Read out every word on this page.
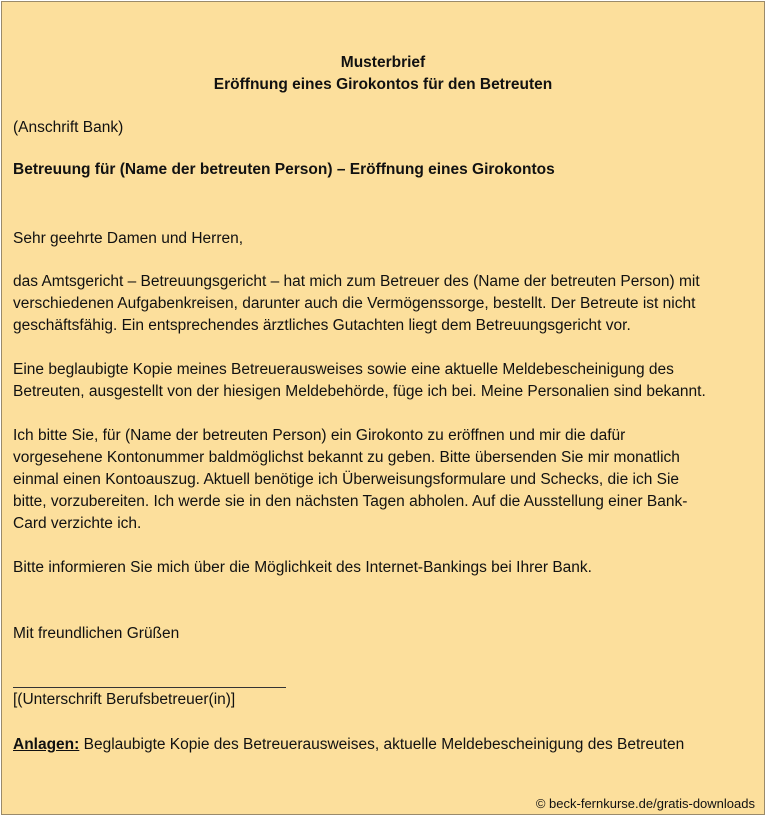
Musterbrief
Eröffnung eines Girokontos für den Betreuten
(Anschrift Bank)
Betreuung für (Name der betreuten Person) – Eröffnung eines Girokontos
Sehr geehrte Damen und Herren,
das Amtsgericht – Betreuungsgericht – hat mich zum Betreuer des (Name der betreuten Person) mit
verschiedenen Aufgabenkreisen, darunter auch die Vermögenssorge, bestellt. Der Betreute ist nicht
geschäftsfähig. Ein entsprechendes ärztliches Gutachten liegt dem Betreuungsgericht vor.
Eine beglaubigte Kopie meines Betreuerausweises sowie eine aktuelle Meldebescheinigung des
Betreuten, ausgestellt von der hiesigen Meldebehörde, füge ich bei. Meine Personalien sind bekannt.
Ich bitte Sie, für (Name der betreuten Person) ein Girokonto zu eröffnen und mir die dafür
vorgesehene Kontonummer baldmöglichst bekannt zu geben. Bitte übersenden Sie mir monatlich
einmal einen Kontoauszug. Aktuell benötige ich Überweisungsformulare und Schecks, die ich Sie
bitte, vorzubereiten. Ich werde sie in den nächsten Tagen abholen. Auf die Ausstellung einer Bank-
Card verzichte ich.
Bitte informieren Sie mich über die Möglichkeit des Internet-Bankings bei Ihrer Bank.
Mit freundlichen Grüßen
[(Unterschrift Berufsbetreuer(in)]
Anlagen: Beglaubigte Kopie des Betreuerausweises, aktuelle Meldebescheinigung des Betreuten
© beck-fernkurse.de/gratis-downloads
